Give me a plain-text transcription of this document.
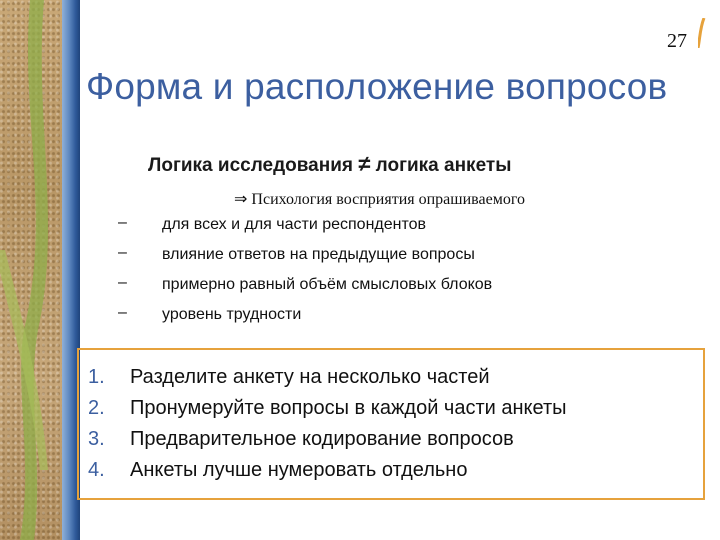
27
Форма и расположение вопросов
Логика исследования ≠ логика анкеты
⇒ Психология восприятия опрашиваемого
– для всех и для части респондентов
– влияние ответов на предыдущие вопросы
– примерно равный объём смысловых блоков
– уровень трудности
1. Разделите анкету на несколько частей
2. Пронумеруйте вопросы в каждой части анкеты
3. Предварительное кодирование вопросов
4. Анкеты лучше нумеровать отдельно
